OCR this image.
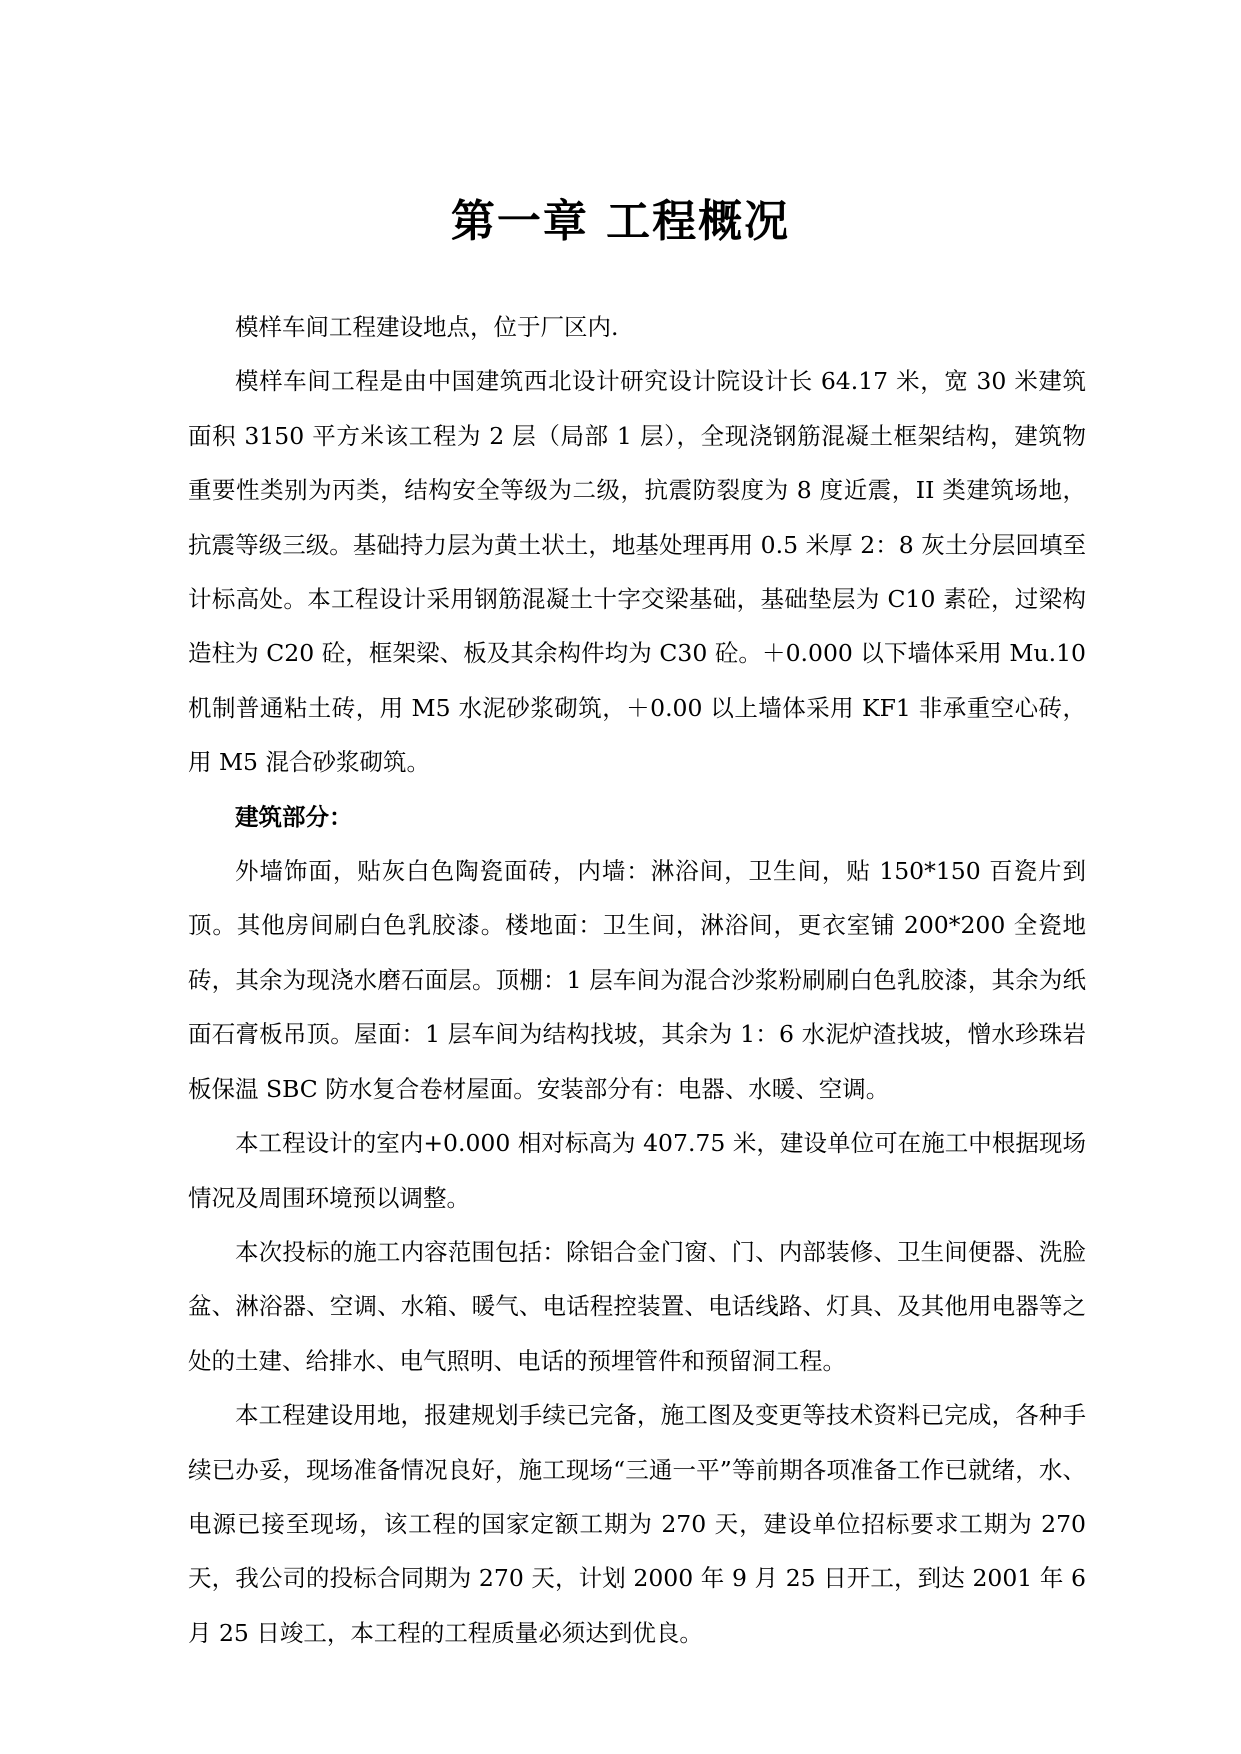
第一章 工程概况

模样车间工程建设地点，位于厂区内.

模样车间工程是由中国建筑西北设计研究设计院设计长 64.17 米，宽 30 米建筑面积 3150 平方米该工程为 2 层（局部 1 层），全现浇钢筋混凝土框架结构，建筑物重要性类别为丙类，结构安全等级为二级，抗震防裂度为 8 度近震，II 类建筑场地，抗震等级三级。基础持力层为黄土状土，地基处理再用 0.5 米厚 2：8 灰土分层回填至计标高处。本工程设计采用钢筋混凝土十字交梁基础，基础垫层为 C10 素砼，过梁构造柱为 C20 砼，框架梁、板及其余构件均为 C30 砼。＋0.000 以下墙体采用 Mu.10 机制普通粘土砖，用 M5 水泥砂浆砌筑，＋0.00 以上墙体采用 KF1 非承重空心砖，用 M5 混合砂浆砌筑。

建筑部分：

外墙饰面，贴灰白色陶瓷面砖，内墙：淋浴间，卫生间，贴 150*150 百瓷片到顶。其他房间刷白色乳胶漆。楼地面：卫生间，淋浴间，更衣室铺 200*200 全瓷地砖，其余为现浇水磨石面层。顶棚：1 层车间为混合沙浆粉刷刷白色乳胶漆，其余为纸面石膏板吊顶。屋面：1 层车间为结构找坡，其余为 1：6 水泥炉渣找坡，憎水珍珠岩板保温 SBC 防水复合卷材屋面。安装部分有：电器、水暖、空调。

本工程设计的室内+0.000 相对标高为 407.75 米，建设单位可在施工中根据现场情况及周围环境预以调整。

本次投标的施工内容范围包括：除铝合金门窗、门、内部装修、卫生间便器、洗脸盆、淋浴器、空调、水箱、暖气、电话程控装置、电话线路、灯具、及其他用电器等之处的土建、给排水、电气照明、电话的预埋管件和预留洞工程。

本工程建设用地，报建规划手续已完备，施工图及变更等技术资料已完成，各种手续已办妥，现场准备情况良好，施工现场“三通一平”等前期各项准备工作已就绪，水、电源已接至现场，该工程的国家定额工期为 270 天，建设单位招标要求工期为 270 天，我公司的投标合同期为 270 天，计划 2000 年 9 月 25 日开工，到达 2001 年 6 月 25 日竣工，本工程的工程质量必须达到优良。
